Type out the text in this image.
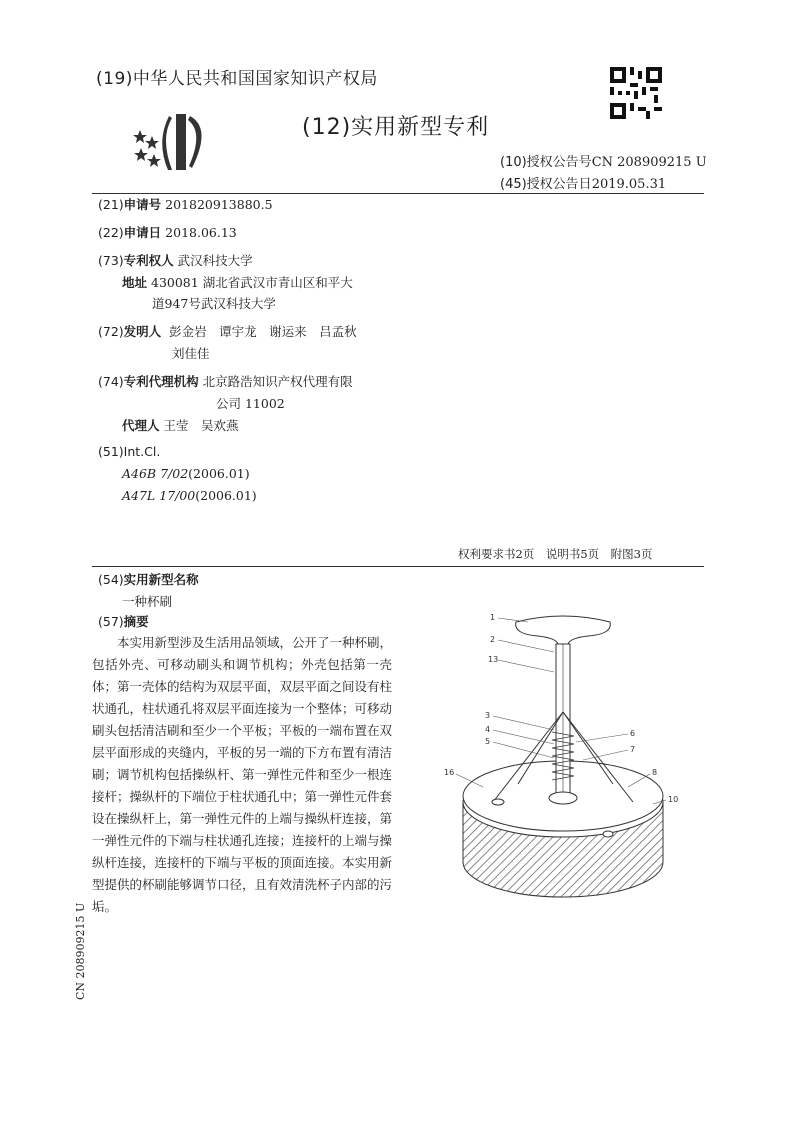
(19)中华人民共和国国家知识产权局
(12)实用新型专利
(10)授权公告号CN 208909215 U
(45)授权公告日2019.05.31
(21)申请号 201820913880.5
(22)申请日 2018.06.13
(73)专利权人 武汉科技大学
地址 430081 湖北省武汉市青山区和平大
道947号武汉科技大学
(72)发明人 彭金岩　谭宇龙　谢运来　吕孟秋
刘佳佳
(74)专利代理机构 北京路浩知识产权代理有限
公司 11002
代理人 王莹　吴欢燕
(51)Int.Cl.
A46B 7/02(2006.01)
A47L 17/00(2006.01)
权利要求书2页　说明书5页　附图3页
(54)实用新型名称
一种杯刷
(57)摘要
本实用新型涉及生活用品领域，公开了一种杯刷，包括外壳、可移动刷头和调节机构；外壳包括第一壳体；第一壳体的结构为双层平面，双层平面之间设有柱状通孔，柱状通孔将双层平面连接为一个整体；可移动刷头包括清洁刷和至少一个平板；平板的一端布置在双层平面形成的夹缝内，平板的另一端的下方布置有清洁刷；调节机构包括操纵杆、第一弹性元件和至少一根连接杆；操纵杆的下端位于柱状通孔中；第一弹性元件套设在操纵杆上，第一弹性元件的上端与操纵杆连接，第一弹性元件的下端与柱状通孔连接；连接杆的上端与操纵杆连接，连接杆的下端与平板的顶面连接。本实用新型提供的杯刷能够调节口径，且有效清洗杯子内部的污垢。
CN 208909215 U
1
2
13
3
4
5
6
7
16	8
10
